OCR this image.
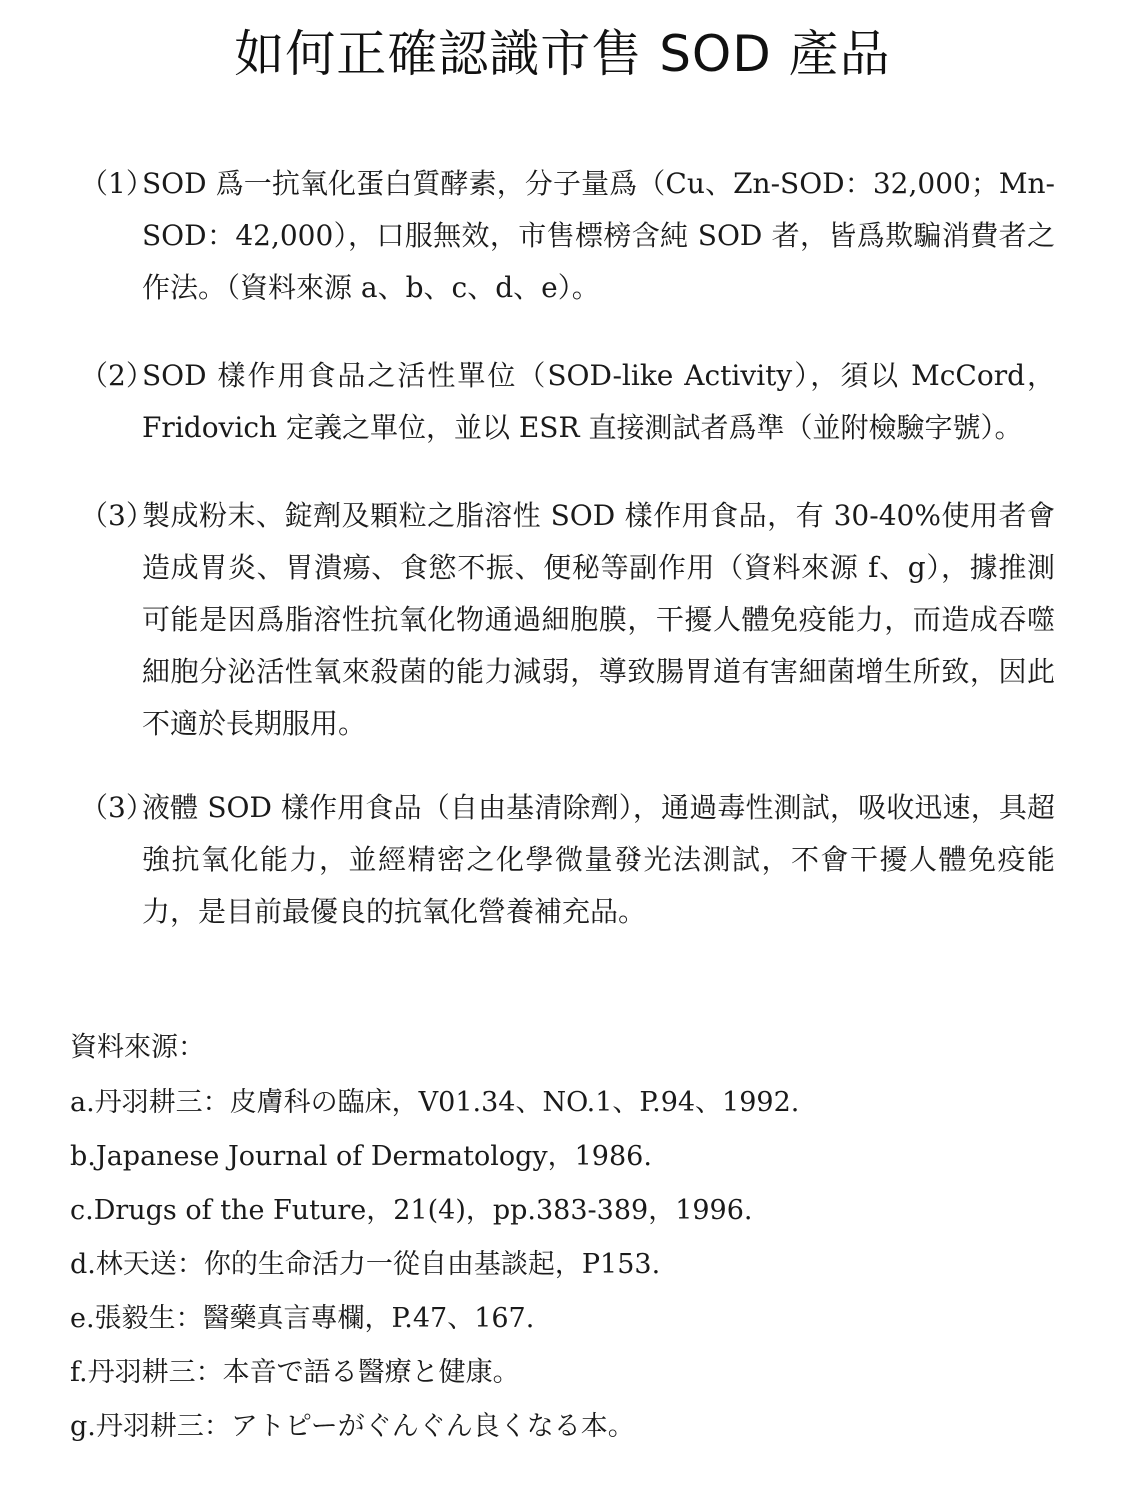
如何正確認識市售 SOD 產品
（1）
SOD 爲一抗氧化蛋白質酵素，分子量爲（Cu、Zn-SOD：32,000；Mn- SOD：42,000），口服無效，市售標榜含純 SOD 者，皆爲欺騙消費者之作法。（資料來源 a、b、c、d、e）。
（2）
SOD 樣作用食品之活性單位（SOD-like Activity），須以 McCord， Fridovich 定義之單位，並以 ESR 直接測試者爲準（並附檢驗字號）。
（3）
製成粉末、錠劑及顆粒之脂溶性 SOD 樣作用食品，有 30-40%使用者會造成胃炎、胃潰瘍、食慾不振、便秘等副作用（資料來源 f、g），據推測可能是因爲脂溶性抗氧化物通過細胞膜，干擾人體免疫能力，而造成吞噬細胞分泌活性氧來殺菌的能力減弱，導致腸胃道有害細菌增生所致，因此不適於長期服用。
（3）
液體 SOD 樣作用食品（自由基清除劑），通過毒性測試，吸收迅速，具超強抗氧化能力，並經精密之化學微量發光法測試，不會干擾人體免疫能力，是目前最優良的抗氧化營養補充品。
資料來源：
a.丹羽耕三：皮膚科の臨床，V01.34、NO.1、P.94、1992.
b.Japanese Journal of Dermatology，1986.
c.Drugs of the Future，21(4)，pp.383-389，1996.
d.林天送：你的生命活力一從自由基談起，P153.
e.張毅生：醫藥真言專欄，P.47、167.
f.丹羽耕三：本音で語る醫療と健康。
g.丹羽耕三：アトピーがぐんぐん良くなる本。
